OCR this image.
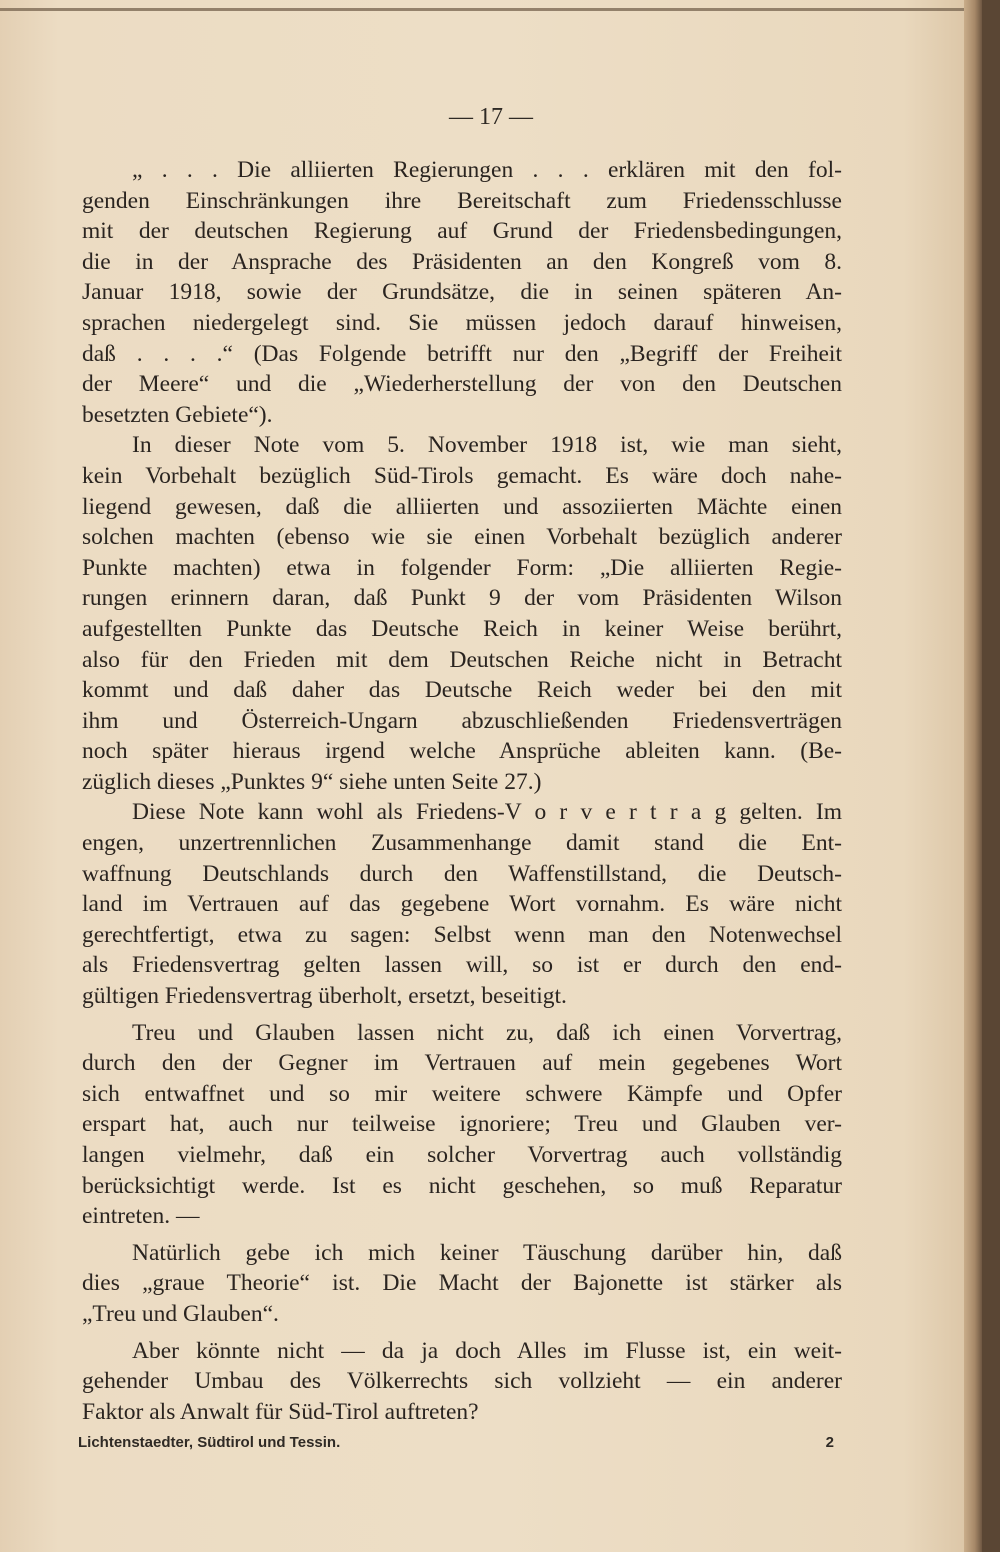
— 17 —
„ . . . Die alliierten Regierungen . . . erklären mit den fol-
genden Einschränkungen ihre Bereitschaft zum Friedensschlusse
mit der deutschen Regierung auf Grund der Friedensbedingungen,
die in der Ansprache des Präsidenten an den Kongreß vom 8.
Januar 1918, sowie der Grundsätze, die in seinen späteren An-
sprachen niedergelegt sind. Sie müssen jedoch darauf hinweisen,
daß . . . .“ (Das Folgende betrifft nur den „Begriff der Freiheit
der Meere“ und die „Wiederherstellung der von den Deutschen
besetzten Gebiete“).
In dieser Note vom 5. November 1918 ist, wie man sieht,
kein Vorbehalt bezüglich Süd-Tirols gemacht. Es wäre doch nahe-
liegend gewesen, daß die alliierten und assoziierten Mächte einen
solchen machten (ebenso wie sie einen Vorbehalt bezüglich anderer
Punkte machten) etwa in folgender Form: „Die alliierten Regie-
rungen erinnern daran, daß Punkt 9 der vom Präsidenten Wilson
aufgestellten Punkte das Deutsche Reich in keiner Weise berührt,
also für den Frieden mit dem Deutschen Reiche nicht in Betracht
kommt und daß daher das Deutsche Reich weder bei den mit
ihm und Österreich-Ungarn abzuschließenden Friedensverträgen
noch später hieraus irgend welche Ansprüche ableiten kann. (Be-
züglich dieses „Punktes 9“ siehe unten Seite 27.)
Diese Note kann wohl als Friedens-V o r v e r t r a g gelten. Im
engen, unzertrennlichen Zusammenhange damit stand die Ent-
waffnung Deutschlands durch den Waffenstillstand, die Deutsch-
land im Vertrauen auf das gegebene Wort vornahm. Es wäre nicht
gerechtfertigt, etwa zu sagen: Selbst wenn man den Notenwechsel
als Friedensvertrag gelten lassen will, so ist er durch den end-
gültigen Friedensvertrag überholt, ersetzt, beseitigt.
Treu und Glauben lassen nicht zu, daß ich einen Vorvertrag,
durch den der Gegner im Vertrauen auf mein gegebenes Wort
sich entwaffnet und so mir weitere schwere Kämpfe und Opfer
erspart hat, auch nur teilweise ignoriere; Treu und Glauben ver-
langen vielmehr, daß ein solcher Vorvertrag auch vollständig
berücksichtigt werde. Ist es nicht geschehen, so muß Reparatur
eintreten. —
Natürlich gebe ich mich keiner Täuschung darüber hin, daß
dies „graue Theorie“ ist. Die Macht der Bajonette ist stärker als
„Treu und Glauben“.
Aber könnte nicht — da ja doch Alles im Flusse ist, ein weit-
gehender Umbau des Völkerrechts sich vollzieht — ein anderer
Faktor als Anwalt für Süd-Tirol auftreten?
Lichtenstaedter, Südtirol und Tessin.	2
